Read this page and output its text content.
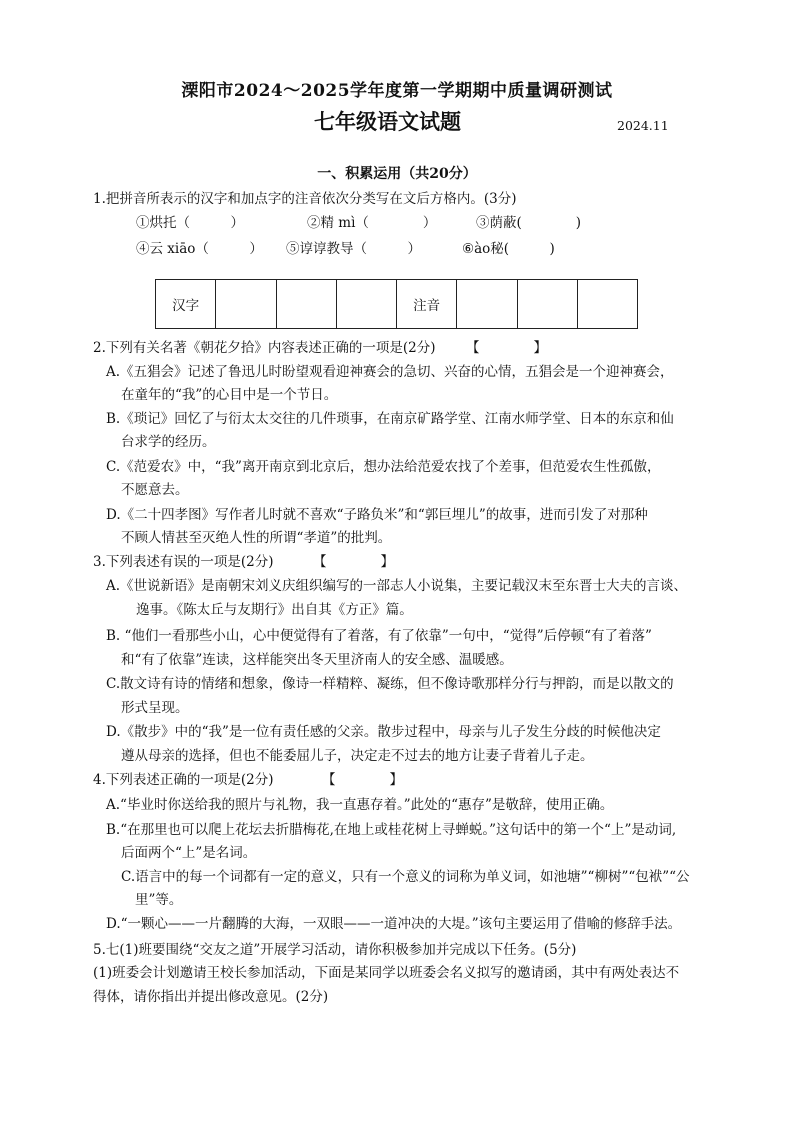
溧阳市2024～2025学年度第一学期期中质量调研测试
七年级语文试题	2024.11
一、积累运用（共20分）
1.把拼音所表示的汉字和加点字的注音依次分类写在文后方格内。(3分)
①烘托（　　　）	②精 mì（　　　　）	③荫蔽(　　　　)
④云 xiāo（　　　） ⑤谆谆教导（　　　）	⑥ào秘(　　　)
汉字				注音			
2.下列有关名著《朝花夕拾》内容表述正确的一项是(2分) 【　　　　】
A.《五猖会》记述了鲁迅儿时盼望观看迎神赛会的急切、兴奋的心情，五猖会是一个迎神赛会，
在童年的“我”的心目中是一个节日。
B.《琐记》回忆了与衍太太交往的几件琐事，在南京矿路学堂、江南水师学堂、日本的东京和仙
台求学的经历。
C.《范爱农》中，“我”离开南京到北京后，想办法给范爱农找了个差事，但范爱农生性孤傲，
不愿意去。
D.《二十四孝图》写作者儿时就不喜欢“子路负米”和“郭巨埋儿”的故事，进而引发了对那种
不顾人情甚至灭绝人性的所谓“孝道”的批判。
3.下列表述有误的一项是(2分)	【　　　　】
A.《世说新语》是南朝宋刘义庆组织编写的一部志人小说集，主要记载汉末至东晋士大夫的言谈、
逸事。《陈太丘与友期行》出自其《方正》篇。
B. “他们一看那些小山，心中便觉得有了着落，有了依靠”一句中，“觉得”后停顿“有了着落”
和“有了依靠”连读，这样能突出冬天里济南人的安全感、温暖感。
C.散文诗有诗的情绪和想象，像诗一样精粹、凝练，但不像诗歌那样分行与押韵，而是以散文的
形式呈现。
D.《散步》中的“我”是一位有责任感的父亲。散步过程中，母亲与儿子发生分歧的时候他决定
遵从母亲的选择，但也不能委屈儿子，决定走不过去的地方让妻子背着儿子走。
4.下列表述正确的一项是(2分)	【　　　　】
A.“毕业时你送给我的照片与礼物，我一直惠存着。”此处的“惠存”是敬辞，使用正确。
B.“在那里也可以爬上花坛去折腊梅花,在地上或桂花树上寻蝉蜕。”这句话中的第一个“上”是动词,
后面两个“上”是名词。
C.语言中的每一个词都有一定的意义，只有一个意义的词称为单义词，如池塘”“柳树”“包袱”“公
里”等。
D.“一颗心——一片翻腾的大海，一双眼——一道冲决的大堤。”该句主要运用了借喻的修辞手法。
5.七(1)班要围绕“交友之道”开展学习活动，请你积极参加并完成以下任务。(5分)
(1)班委会计划邀请王校长参加活动，下面是某同学以班委会名义拟写的邀请函，其中有两处表达不
得体，请你指出并提出修改意见。(2分)
